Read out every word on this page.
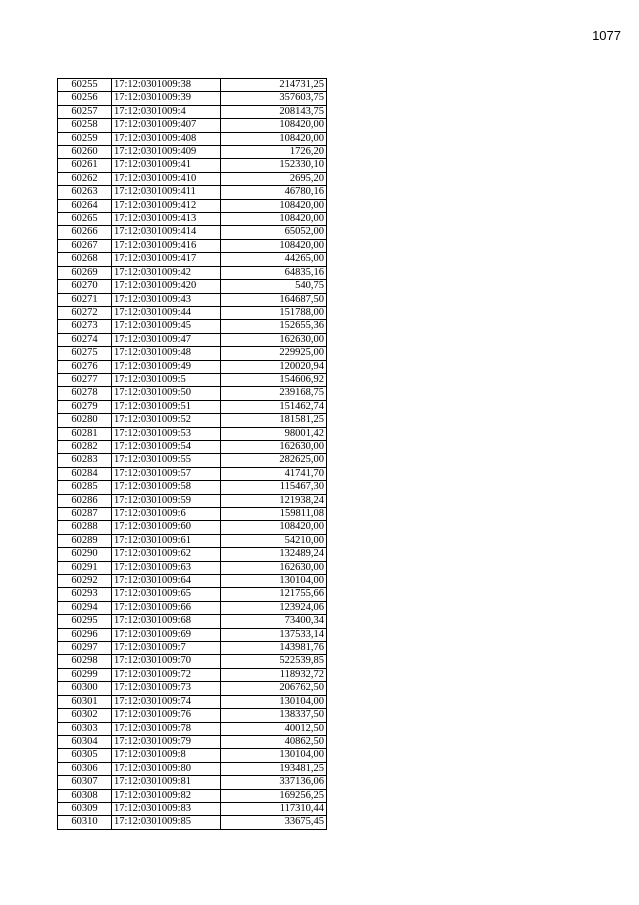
1077
60255	17:12:0301009:38	214731,25
60256	17:12:0301009:39	357603,75
60257	17:12:0301009:4	208143,75
60258	17:12:0301009:407	108420,00
60259	17:12:0301009:408	108420,00
60260	17:12:0301009:409	1726,20
60261	17:12:0301009:41	152330,10
60262	17:12:0301009:410	2695,20
60263	17:12:0301009:411	46780,16
60264	17:12:0301009:412	108420,00
60265	17:12:0301009:413	108420,00
60266	17:12:0301009:414	65052,00
60267	17:12:0301009:416	108420,00
60268	17:12:0301009:417	44265,00
60269	17:12:0301009:42	64835,16
60270	17:12:0301009:420	540,75
60271	17:12:0301009:43	164687,50
60272	17:12:0301009:44	151788,00
60273	17:12:0301009:45	152655,36
60274	17:12:0301009:47	162630,00
60275	17:12:0301009:48	229925,00
60276	17:12:0301009:49	120020,94
60277	17:12:0301009:5	154606,92
60278	17:12:0301009:50	239168,75
60279	17:12:0301009:51	151462,74
60280	17:12:0301009:52	181581,25
60281	17:12:0301009:53	98001,42
60282	17:12:0301009:54	162630,00
60283	17:12:0301009:55	282625,00
60284	17:12:0301009:57	41741,70
60285	17:12:0301009:58	115467,30
60286	17:12:0301009:59	121938,24
60287	17:12:0301009:6	159811,08
60288	17:12:0301009:60	108420,00
60289	17:12:0301009:61	54210,00
60290	17:12:0301009:62	132489,24
60291	17:12:0301009:63	162630,00
60292	17:12:0301009:64	130104,00
60293	17:12:0301009:65	121755,66
60294	17:12:0301009:66	123924,06
60295	17:12:0301009:68	73400,34
60296	17:12:0301009:69	137533,14
60297	17:12:0301009:7	143981,76
60298	17:12:0301009:70	522539,85
60299	17:12:0301009:72	118932,72
60300	17:12:0301009:73	206762,50
60301	17:12:0301009:74	130104,00
60302	17:12:0301009:76	138337,50
60303	17:12:0301009:78	40012,50
60304	17:12:0301009:79	40862,50
60305	17:12:0301009:8	130104,00
60306	17:12:0301009:80	193481,25
60307	17:12:0301009:81	337136,06
60308	17:12:0301009:82	169256,25
60309	17:12:0301009:83	117310,44
60310	17:12:0301009:85	33675,45
